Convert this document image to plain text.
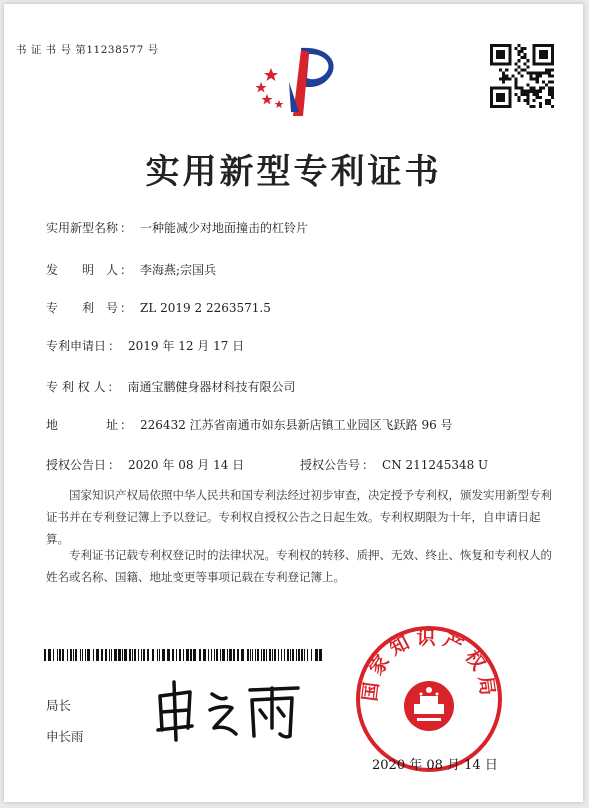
书 证 书 号 第11238577 号
实用新型专利证书
实用新型名称 ： 一种能减少对地面撞击的杠铃片
发　　明　人 ： 李海燕;宗国兵
专　　利　号 ： ZL 2019 2 2263571.5
专利申请日 ： 2019 年 12 月 17 日
专 利 权 人 ： 南通宝鹏健身器材科技有限公司
地　　　　址 ： 226432 江苏省南通市如东县新店镇工业园区飞跃路 96 号
授权公告日 ： 2020 年 08 月 14 日	授权公告号 ： CN 211245348 U
国家知识产权局依照中华人民共和国专利法经过初步审查，决定授予专利权，颁发实用新型专利证书并在专利登记簿上予以登记。专利权自授权公告之日起生效。专利权期限为十年，自申请日起算。
专利证书记载专利权登记时的法律状况。专利权的转移、质押、无效、终止、恢复和专利权人的姓名或名称、国籍、地址变更等事项记载在专利登记簿上。
局长
申长雨
国家知识产权局
2020 年 08 月 14 日
